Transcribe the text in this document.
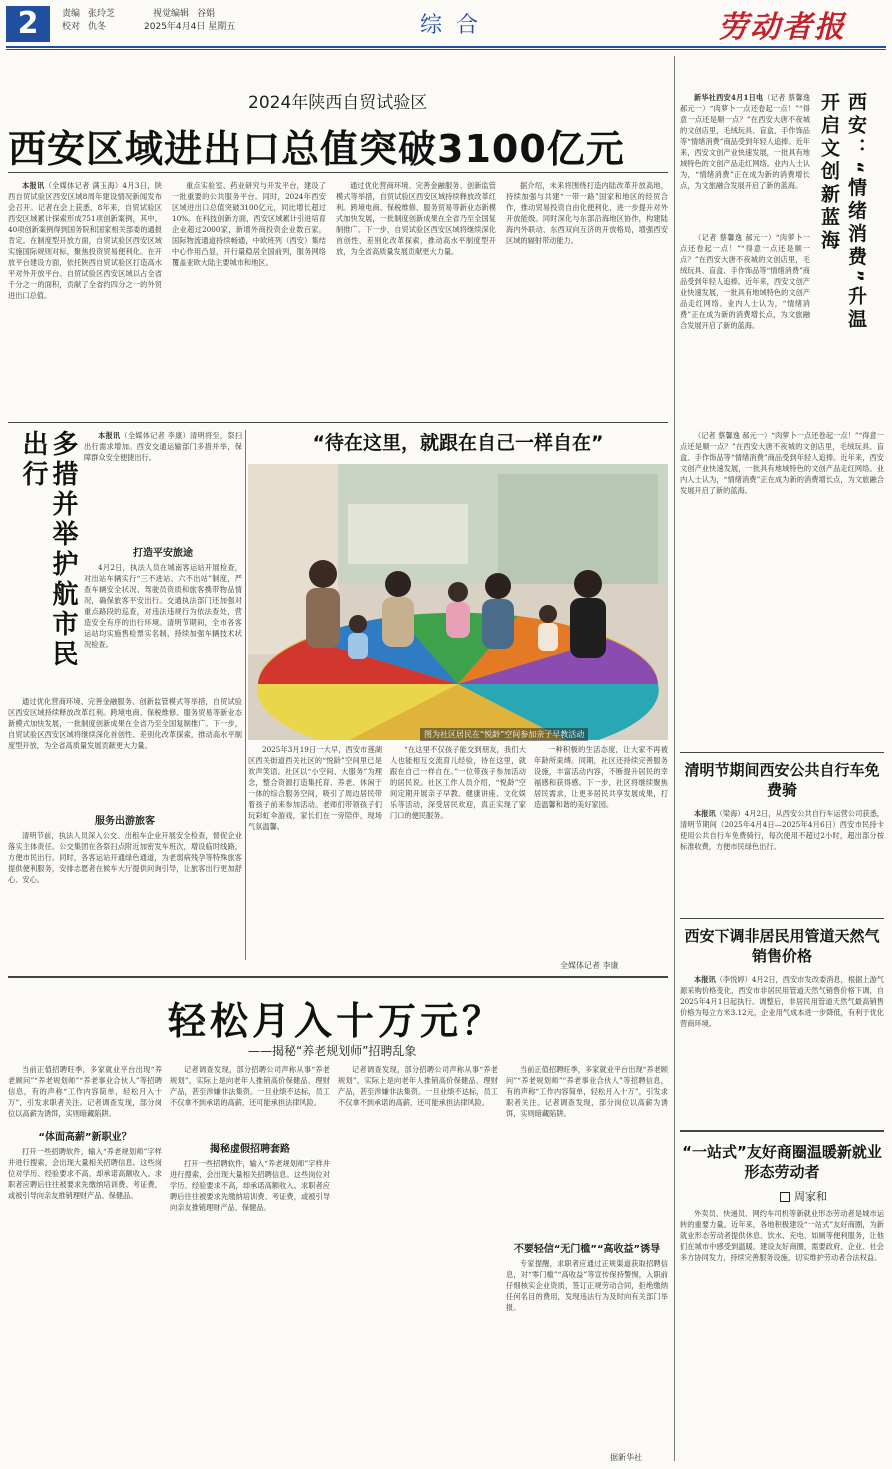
2	责编 张玲芝	视觉编辑 谷娟
校对 仇冬	2025年4月4日 星期五	综合	劳动者报
2024年陕西自贸试验区
西安区域进出口总值突破3100亿元

本报讯（全媒体记者 满玉海）4月3日，陕西自贸试验区西安区域8周年建设情况新闻发布会召开。记者在会上获悉，8年来，自贸试验区西安区域累计探索形成751项创新案例，其中，40项创新案例得到国务院和国家相关部委的通报肯定。在制度型开放方面，自贸试验区西安区域实施国际规则对标，聚焦投资贸易便利化。在开放平台建设方面，依托陕西自贸试验区打造高水平对外开放平台。自贸试验区西安区域以占全省千分之一的面积，贡献了全省约四分之一的外贸进出口总值。

重点实验室、药业研究与开发平台，建设了一批重要的公共服务平台。同时，2024年西安区域进出口总值突破3100亿元，同比增长超过10%。在科技创新方面，西安区域累计引进培育企业超过2000家，新增外商投资企业数百家，国际物流通道持续畅通，中欧班列（西安）集结中心作用凸显，开行量稳居全国前列，服务网络覆盖亚欧大陆主要城市和地区。

通过优化营商环境、完善金融服务、创新监管模式等举措，自贸试验区西安区域持续释放改革红利。跨境电商、保税维修、服务贸易等新业态新模式加快发展，一批制度创新成果在全省乃至全国复制推广。下一步，自贸试验区西安区域将继续深化首创性、差别化改革探索，推动高水平制度型开放，为全省高质量发展贡献更大力量。

据介绍，未来将围绕打造内陆改革开放高地，持续加强与共建“一带一路”国家和地区的经贸合作，推动贸易投资自由化便利化，进一步提升对外开放能级。同时深化与东部沿海地区协作，构建陆海内外联动、东西双向互济的开放格局，增强西安区域的辐射带动能力。

多措并举护航市民出行	本报讯（全媒体记者 李康）清明将至，祭扫出行需求增加。西安交通运输部门多措并举，保障群众安全便捷出行。

打造平安旅途

4月2日，执法人员在城南客运站开展检查，对出站车辆实行“三不进站、六不出站”制度，严查车辆安全状况、驾驶员资质和旅客携带物品情况，确保旅客平安出行。交通执法部门还加强对重点路段的巡查，对违法违规行为依法查处，营造安全有序的出行环境。清明节期间，全市各客运站均实施售检票实名制，持续加强车辆技术状况检查。

通过优化营商环境、完善金融服务、创新监管模式等举措，自贸试验区西安区域持续释放改革红利。跨境电商、保税维修、服务贸易等新业态新模式加快发展，一批制度创新成果在全省乃至全国复制推广。下一步，自贸试验区西安区域将继续深化首创性、差别化改革探索，推动高水平制度型开放，为全省高质量发展贡献更大力量。

服务出游旅客

清明节前，执法人员深入公交、出租车企业开展安全检查，督促企业落实主体责任。公交集团在各祭扫点附近加密发车班次，增设临时线路，方便市民出行。同时，各客运站开通绿色通道，为老弱病残孕等特殊旅客提供便利服务，安排志愿者在候车大厅提供问询引导，让旅客出行更加舒心、安心。

“待在这里，就跟在自己一样自在”
图为社区居民在“悦龄”空间参加亲子早教活动

2025年3月19日一大早，西安市莲湖区西关街道西关社区的“悦龄”空间里已是欢声笑语。社区以“小空间、大服务”为理念，整合资源打造集托育、养老、休闲于一体的综合服务空间，吸引了周边居民带着孩子前来参加活动。老师们带领孩子们玩彩虹伞游戏，家长们在一旁陪伴，现场气氛温馨。

“在这里不仅孩子能交到朋友，我们大人也能相互交流育儿经验，待在这里，就跟在自己一样自在。”一位带孩子参加活动的居民说。社区工作人员介绍，“悦龄”空间定期开展亲子早教、健康讲座、文化娱乐等活动，深受居民欢迎，真正实现了家门口的便民服务。

一种积极的生活态度，让大家不再被年龄所束缚。同期，社区还持续完善服务设施，丰富活动内容，不断提升居民的幸福感和获得感。下一步，社区将继续聚焦居民需求，让更多居民共享发展成果，打造温馨和谐的美好家园。

全媒体记者 李康
轻松月入十万元？
——揭秘“养老规划师”招聘乱象

当前正值招聘旺季，多家就业平台出现“养老顾问”“养老规划师”“养老事业合伙人”等招聘信息，有的声称“工作内容简单，轻松月入十万”，引发求职者关注。记者调查发现，部分岗位以高薪为诱饵，实则暗藏陷阱。

“体面高薪”新职业？

打开一些招聘软件，输入“养老规划师”字样并进行搜索，会出现大量相关招聘信息。这些岗位对学历、经验要求不高，却承诺高额收入。求职者应聘后往往被要求先缴纳培训费、考证费，或被引导向亲友推销理财产品、保健品。

记者调查发现，部分招聘公司声称从事“养老规划”，实际上是向老年人推销高价保健品、理财产品，甚至涉嫌非法集资。一旦业绩不达标，员工不仅拿不到承诺的高薪，还可能承担法律风险。

揭秘虚假招聘套路

打开一些招聘软件，输入“养老规划师”字样并进行搜索，会出现大量相关招聘信息。这些岗位对学历、经验要求不高，却承诺高额收入。求职者应聘后往往被要求先缴纳培训费、考证费，或被引导向亲友推销理财产品、保健品。

记者调查发现，部分招聘公司声称从事“养老规划”，实际上是向老年人推销高价保健品、理财产品，甚至涉嫌非法集资。一旦业绩不达标，员工不仅拿不到承诺的高薪，还可能承担法律风险。

当前正值招聘旺季，多家就业平台出现“养老顾问”“养老规划师”“养老事业合伙人”等招聘信息，有的声称“工作内容简单，轻松月入十万”，引发求职者关注。记者调查发现，部分岗位以高薪为诱饵，实则暗藏陷阱。

不要轻信“无门槛”“高收益”诱导

专家提醒，求职者应通过正规渠道获取招聘信息，对“零门槛”“高收益”等宣传保持警惕，入职前仔细核实企业资质，签订正规劳动合同，拒绝缴纳任何名目的费用，发现违法行为及时向有关部门举报。

据新华社
西安：“情绪消费”升温
开启文创新蓝海

新华社西安4月1日电（记者 蔡馨逸 郝元一）“肉萝卜一点还卷起一点！”“得意一点还是顺一点？”在西安大唐不夜城的文创店里，毛绒玩具、盲盒、手作饰品等“情绪消费”商品受到年轻人追捧。近年来，西安文创产业快速发展，一批具有地域特色的文创产品走红网络。业内人士认为，“情绪消费”正在成为新的消费增长点，为文旅融合发展开启了新的蓝海。

（记者 蔡馨逸 郝元一）“肉萝卜一点还卷起一点！”“得意一点还是顺一点？”在西安大唐不夜城的文创店里，毛绒玩具、盲盒、手作饰品等“情绪消费”商品受到年轻人追捧。近年来，西安文创产业快速发展，一批具有地域特色的文创产品走红网络。业内人士认为，“情绪消费”正在成为新的消费增长点，为文旅融合发展开启了新的蓝海。

（记者 蔡馨逸 郝元一）“肉萝卜一点还卷起一点！”“得意一点还是顺一点？”在西安大唐不夜城的文创店里，毛绒玩具、盲盒、手作饰品等“情绪消费”商品受到年轻人追捧。近年来，西安文创产业快速发展，一批具有地域特色的文创产品走红网络。业内人士认为，“情绪消费”正在成为新的消费增长点，为文旅融合发展开启了新的蓝海。

清明节期间西安公共自行车免费骑

本报讯（梁海）4月2日，从西安公共自行车运营公司获悉，清明节期间（2025年4月4日—2025年4月6日）西安市民持卡使用公共自行车免费骑行，每次使用不超过2小时，超出部分按标准收费，方便市民绿色出行。

西安下调非居民用管道天然气销售价格

本报讯（李悦婷）4月2日，西安市发改委消息，根据上游气源采购价格变化，西安市非居民用管道天然气销售价格下调，自2025年4月1日起执行。调整后，非居民用管道天然气最高销售价格为每立方米3.12元，企业用气成本进一步降低，有利于优化营商环境。

“一站式”友好商圈温暖新就业形态劳动者
周家和

外卖员、快递员、网约车司机等新就业形态劳动者是城市运转的重要力量。近年来，各地积极建设“一站式”友好商圈，为新就业形态劳动者提供休息、饮水、充电、如厕等便利服务，让他们在城市中感受到温暖。建设友好商圈，需要政府、企业、社会多方协同发力，持续完善服务设施，切实维护劳动者合法权益。
